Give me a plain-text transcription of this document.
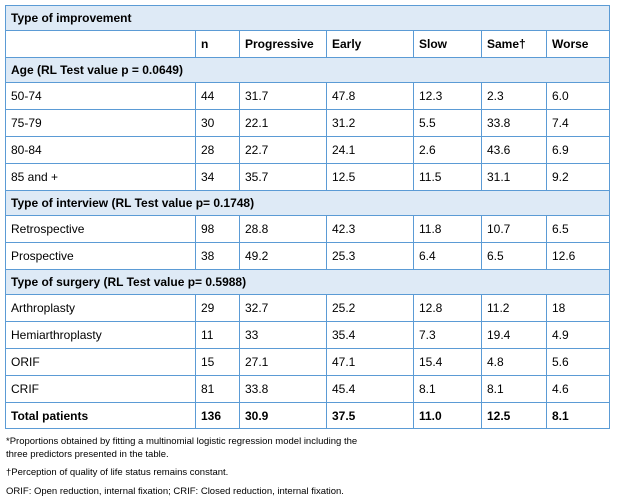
Type of improvement						
	n	Progressive	Early	Slow	Same†	Worse
Age (RL Test value p = 0.0649)						
50-74	44	31.7	47.8	12.3	2.3	6.0
75-79	30	22.1	31.2	5.5	33.8	7.4
80-84	28	22.7	24.1	2.6	43.6	6.9
85 and +	34	35.7	12.5	11.5	31.1	9.2
Type of interview (RL Test value p= 0.1748)						
Retrospective	98	28.8	42.3	11.8	10.7	6.5
Prospective	38	49.2	25.3	6.4	6.5	12.6
Type of surgery (RL Test value p= 0.5988)						
Arthroplasty	29	32.7	25.2	12.8	11.2	18
Hemiarthroplasty	11	33	35.4	7.3	19.4	4.9
ORIF	15	27.1	47.1	15.4	4.8	5.6
CRIF	81	33.8	45.4	8.1	8.1	4.6
Total patients	136	30.9	37.5	11.0	12.5	8.1

*Proportions obtained by fitting a multinomial logistic regression model including the
three predictors presented in the table.

†Perception of quality of life status remains constant.

ORIF: Open reduction, internal fixation; CRIF: Closed reduction, internal fixation.
